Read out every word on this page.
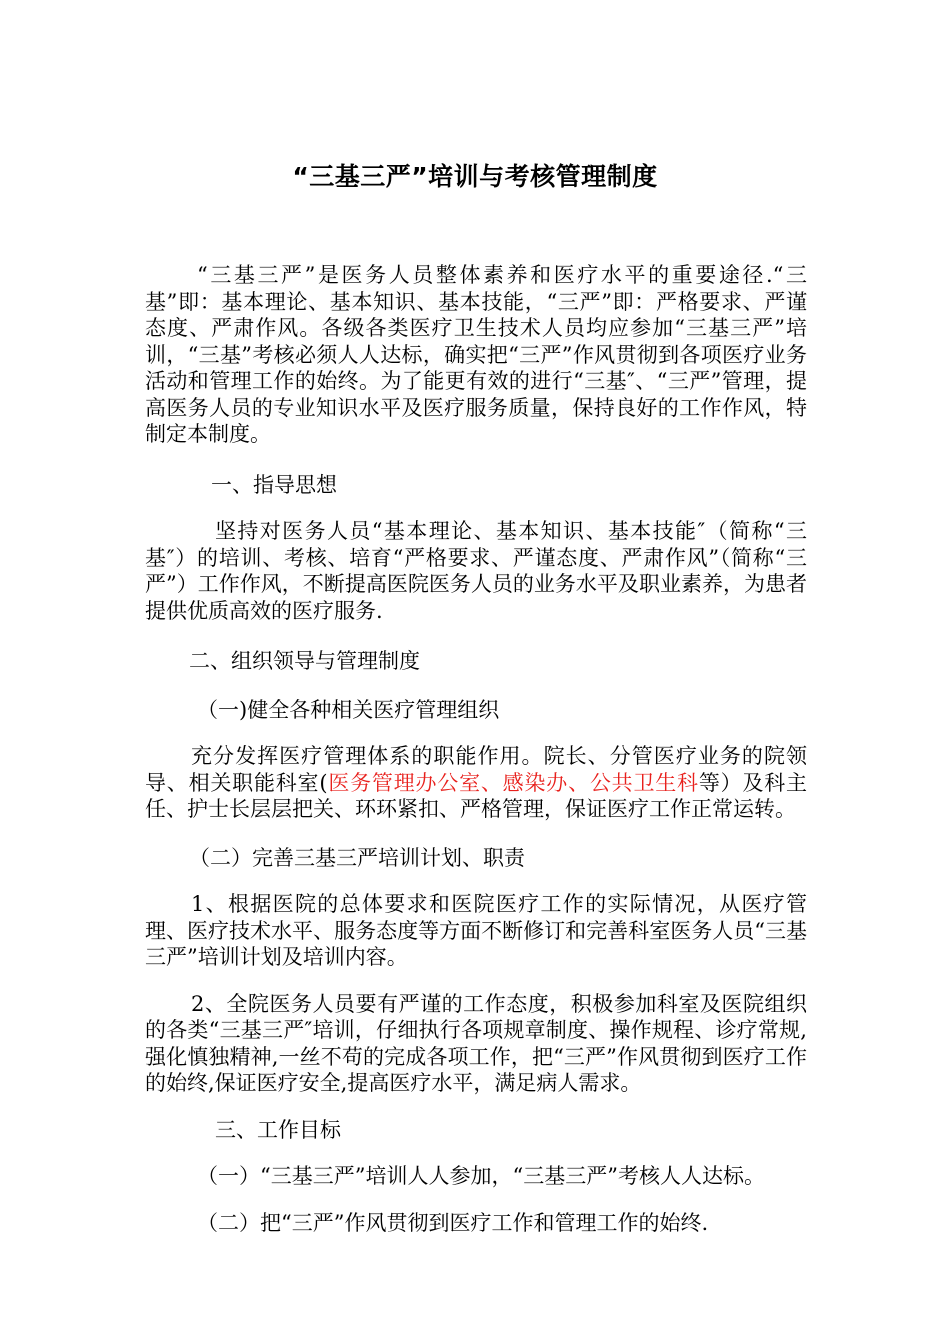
“三基三严”培训与考核管理制度

“三基三严”是医务人员整体素养和医疗水平的重要途径.“三基”即：基本理论、基本知识、基本技能，“三严”即：严格要求、严谨态度、严肃作风。各级各类医疗卫生技术人员均应参加“三基三严”培训，“三基”考核必须人人达标，确实把“三严”作风贯彻到各项医疗业务活动和管理工作的始终。为了能更有效的进行“三基″、“三严”管理，提高医务人员的专业知识水平及医疗服务质量，保持良好的工作作风，特制定本制度。

一、指导思想

坚持对医务人员“基本理论、基本知识、基本技能″（简称“三基″）的培训、考核、培育“严格要求、严谨态度、严肃作风”（简称“三严”）工作作风，不断提高医院医务人员的业务水平及职业素养，为患者提供优质高效的医疗服务.

二、组织领导与管理制度

（一)健全各种相关医疗管理组织

充分发挥医疗管理体系的职能作用。院长、分管医疗业务的院领导、相关职能科室(医务管理办公室、感染办、公共卫生科等）及科主任、护士长层层把关、环环紧扣、严格管理，保证医疗工作正常运转。

（二）完善三基三严培训计划、职责

1、根据医院的总体要求和医院医疗工作的实际情况，从医疗管理、医疗技术水平、服务态度等方面不断修订和完善科室医务人员“三基三严”培训计划及培训内容。

2、全院医务人员要有严谨的工作态度，积极参加科室及医院组织的各类“三基三严″培训，仔细执行各项规章制度、操作规程、诊疗常规,强化慎独精神,一丝不苟的完成各项工作，把“三严”作风贯彻到医疗工作的始终,保证医疗安全,提高医疗水平，满足病人需求。

三、工作目标

（一）“三基三严”培训人人参加，“三基三严”考核人人达标。

（二）把“三严”作风贯彻到医疗工作和管理工作的始终.
